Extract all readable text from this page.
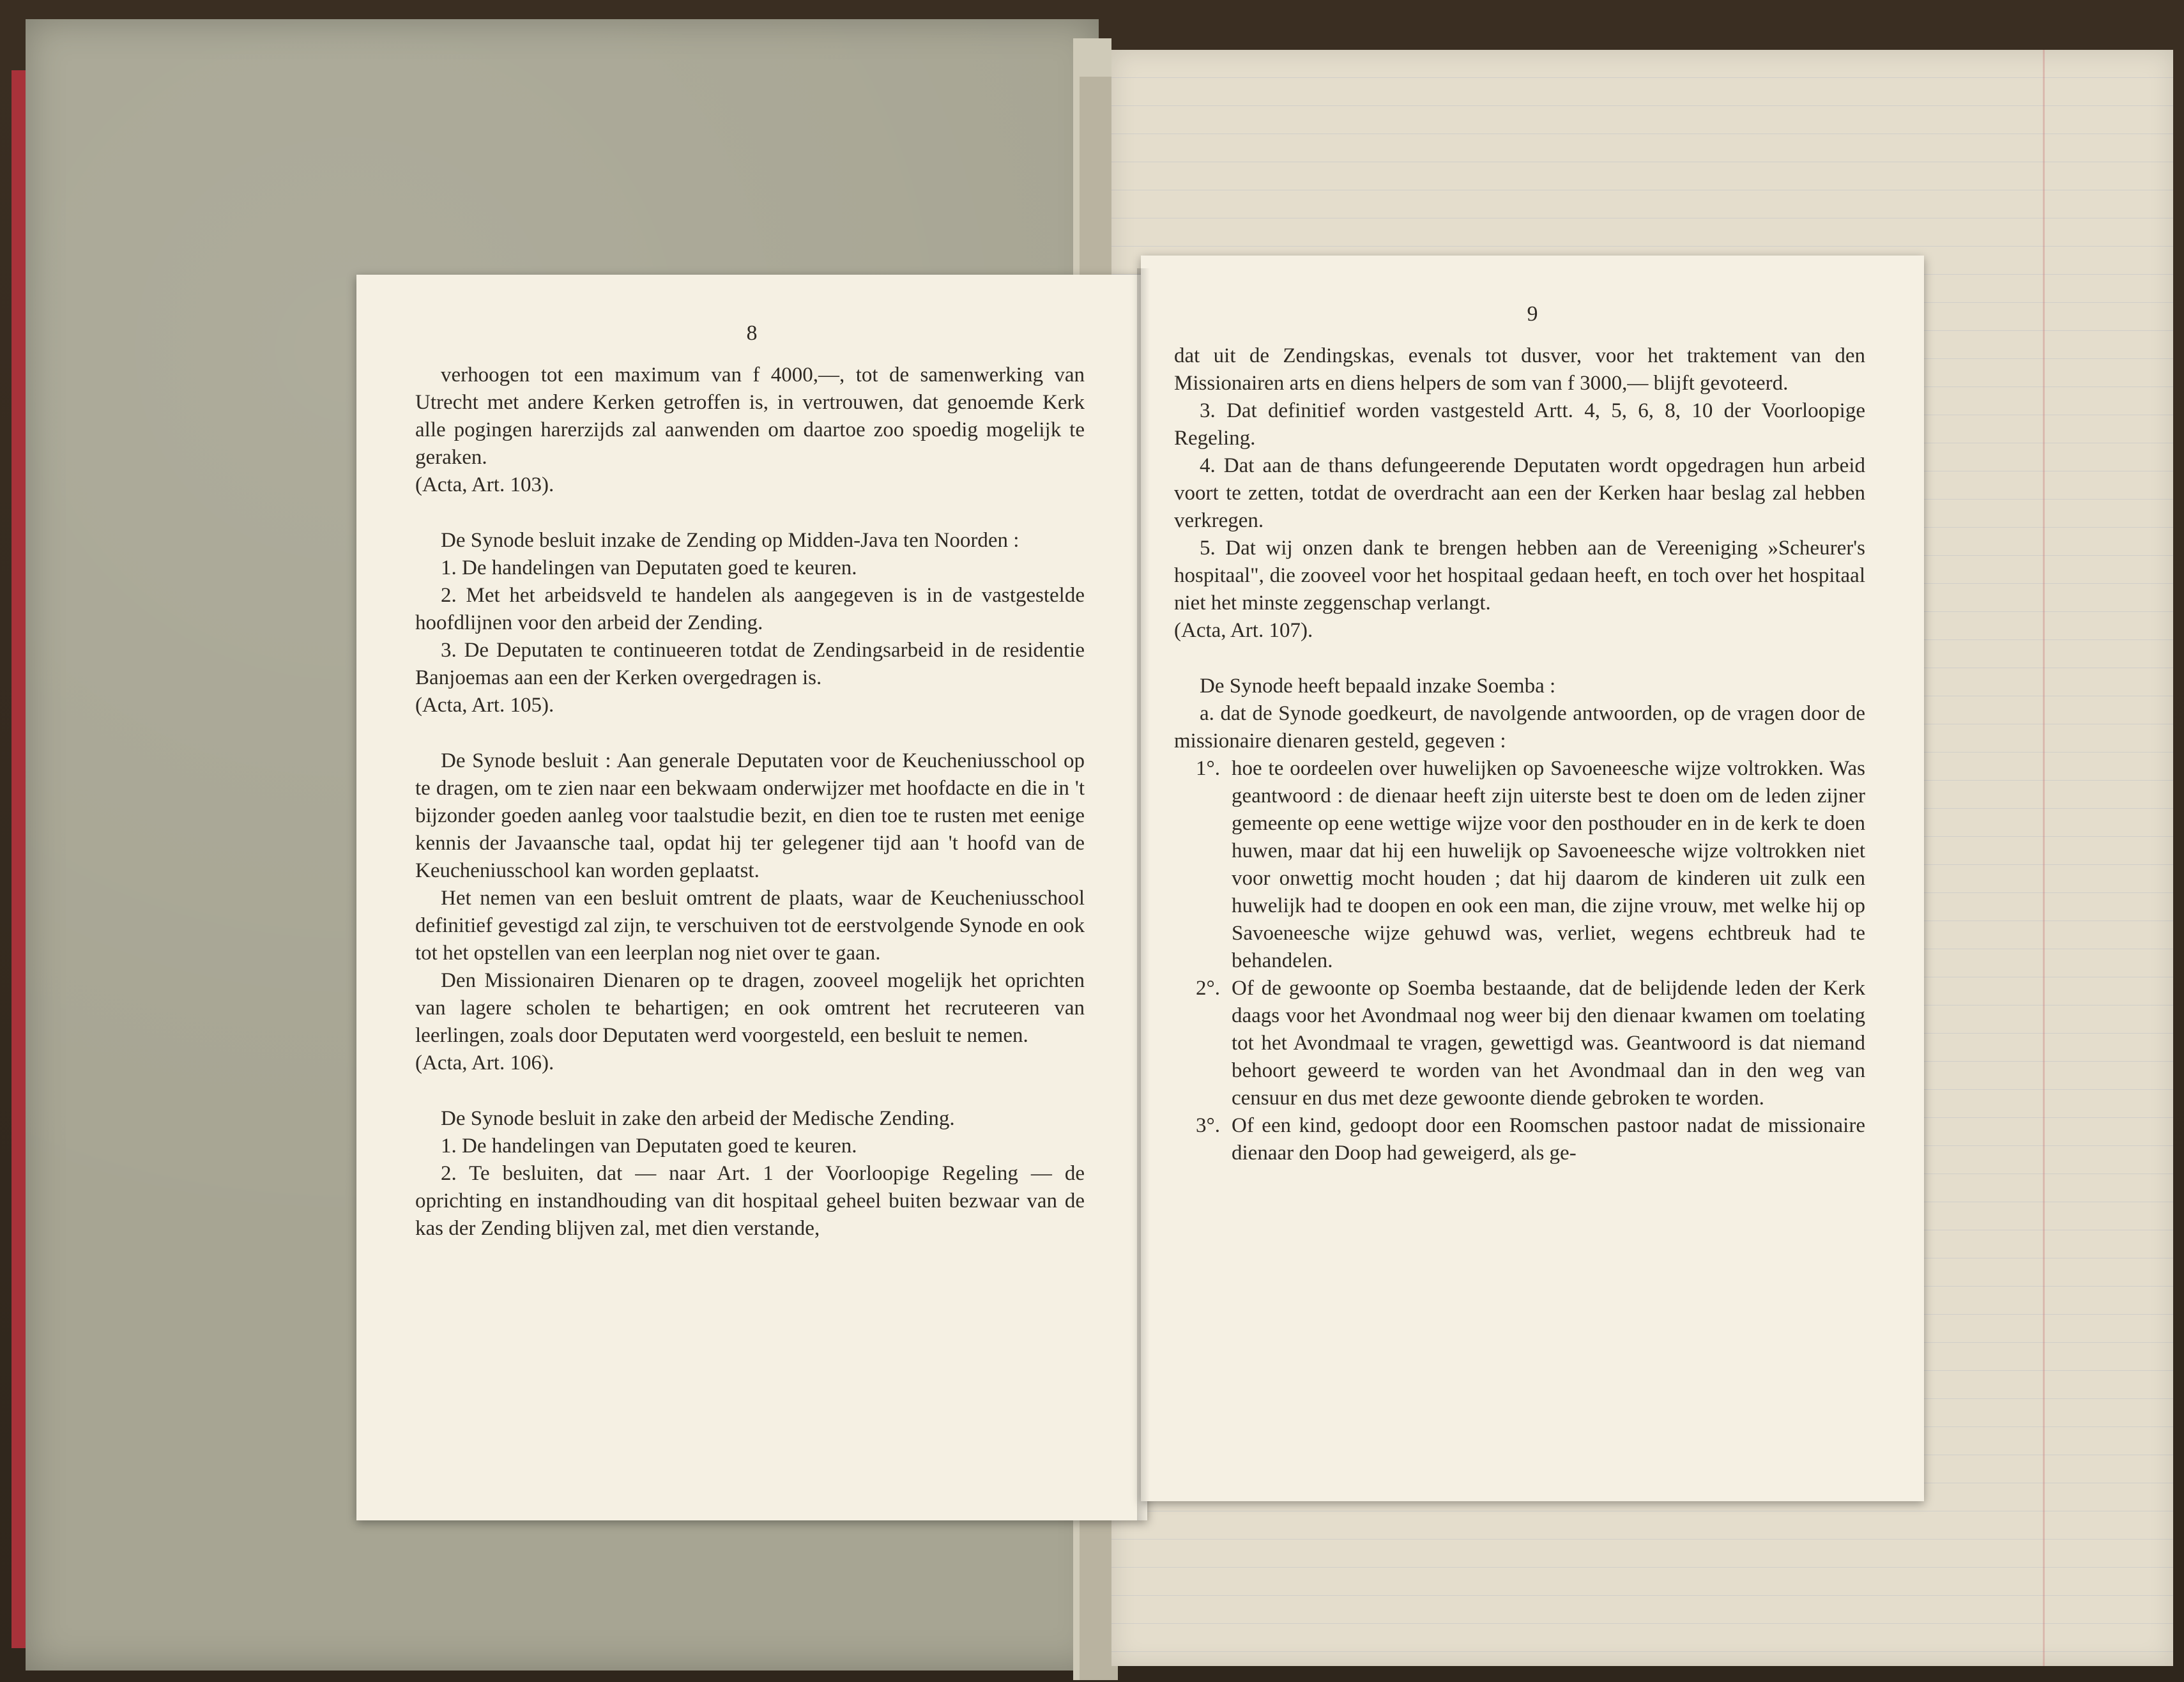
8

verhoogen tot een maximum van f 4000,—, tot de samenwerking van Utrecht met andere Kerken getroffen is, in vertrouwen, dat genoemde Kerk alle pogingen harerzijds zal aanwenden om daartoe zoo spoedig mogelijk te geraken.

(Acta, Art. 103).

De Synode besluit inzake de Zending op Midden-Java ten Noorden :

1. De handelingen van Deputaten goed te keuren.

2. Met het arbeidsveld te handelen als aangegeven is in de vastgestelde hoofdlijnen voor den arbeid der Zending.

3. De Deputaten te continueeren totdat de Zendingsarbeid in de residentie Banjoemas aan een der Kerken overgedragen is.

(Acta, Art. 105).

De Synode besluit : Aan generale Deputaten voor de Keucheniusschool op te dragen, om te zien naar een bekwaam onderwijzer met hoofdacte en die in 't bijzonder goeden aanleg voor taalstudie bezit, en dien toe te rusten met eenige kennis der Javaansche taal, opdat hij ter gelegener tijd aan 't hoofd van de Keucheniusschool kan worden geplaatst.

Het nemen van een besluit omtrent de plaats, waar de Keucheniusschool definitief gevestigd zal zijn, te verschuiven tot de eerstvolgende Synode en ook tot het opstellen van een leerplan nog niet over te gaan.

Den Missionairen Dienaren op te dragen, zooveel mogelijk het oprichten van lagere scholen te behartigen; en ook omtrent het recruteeren van leerlingen, zoals door Deputaten werd voorgesteld, een besluit te nemen.

(Acta, Art. 106).

De Synode besluit in zake den arbeid der Medische Zending.

1. De handelingen van Deputaten goed te keuren.

2. Te besluiten, dat — naar Art. 1 der Voorloopige Regeling — de oprichting en instandhouding van dit hospitaal geheel buiten bezwaar van de kas der Zending blijven zal, met dien verstande,

9

dat uit de Zendingskas, evenals tot dusver, voor het traktement van den Missionairen arts en diens helpers de som van f 3000,— blijft gevoteerd.

3. Dat definitief worden vastgesteld Artt. 4, 5, 6, 8, 10 der Voorloopige Regeling.

4. Dat aan de thans defungeerende Deputaten wordt opgedragen hun arbeid voort te zetten, totdat de overdracht aan een der Kerken haar beslag zal hebben verkregen.

5. Dat wij onzen dank te brengen hebben aan de Vereeniging »Scheurer's hospitaal", die zooveel voor het hospitaal gedaan heeft, en toch over het hospitaal niet het minste zeggenschap verlangt.

(Acta, Art. 107).

De Synode heeft bepaald inzake Soemba :

a. dat de Synode goedkeurt, de navolgende antwoorden, op de vragen door de missionaire dienaren gesteld, gegeven :

1°. hoe te oordeelen over huwelijken op Savoeneesche wijze voltrokken. Was geantwoord : de dienaar heeft zijn uiterste best te doen om de leden zijner gemeente op eene wettige wijze voor den posthouder en in de kerk te doen huwen, maar dat hij een huwelijk op Savoeneesche wijze voltrokken niet voor onwettig mocht houden ; dat hij daarom de kinderen uit zulk een huwelijk had te doopen en ook een man, die zijne vrouw, met welke hij op Savoeneesche wijze gehuwd was, verliet, wegens echtbreuk had te behandelen.
2°. Of de gewoonte op Soemba bestaande, dat de belijdende leden der Kerk daags voor het Avondmaal nog weer bij den dienaar kwamen om toelating tot het Avondmaal te vragen, gewettigd was. Geantwoord is dat niemand behoort geweerd te worden van het Avondmaal dan in den weg van censuur en dus met deze gewoonte diende gebroken te worden.
3°. Of een kind, gedoopt door een Roomschen pastoor nadat de missionaire dienaar den Doop had geweigerd, als ge-
